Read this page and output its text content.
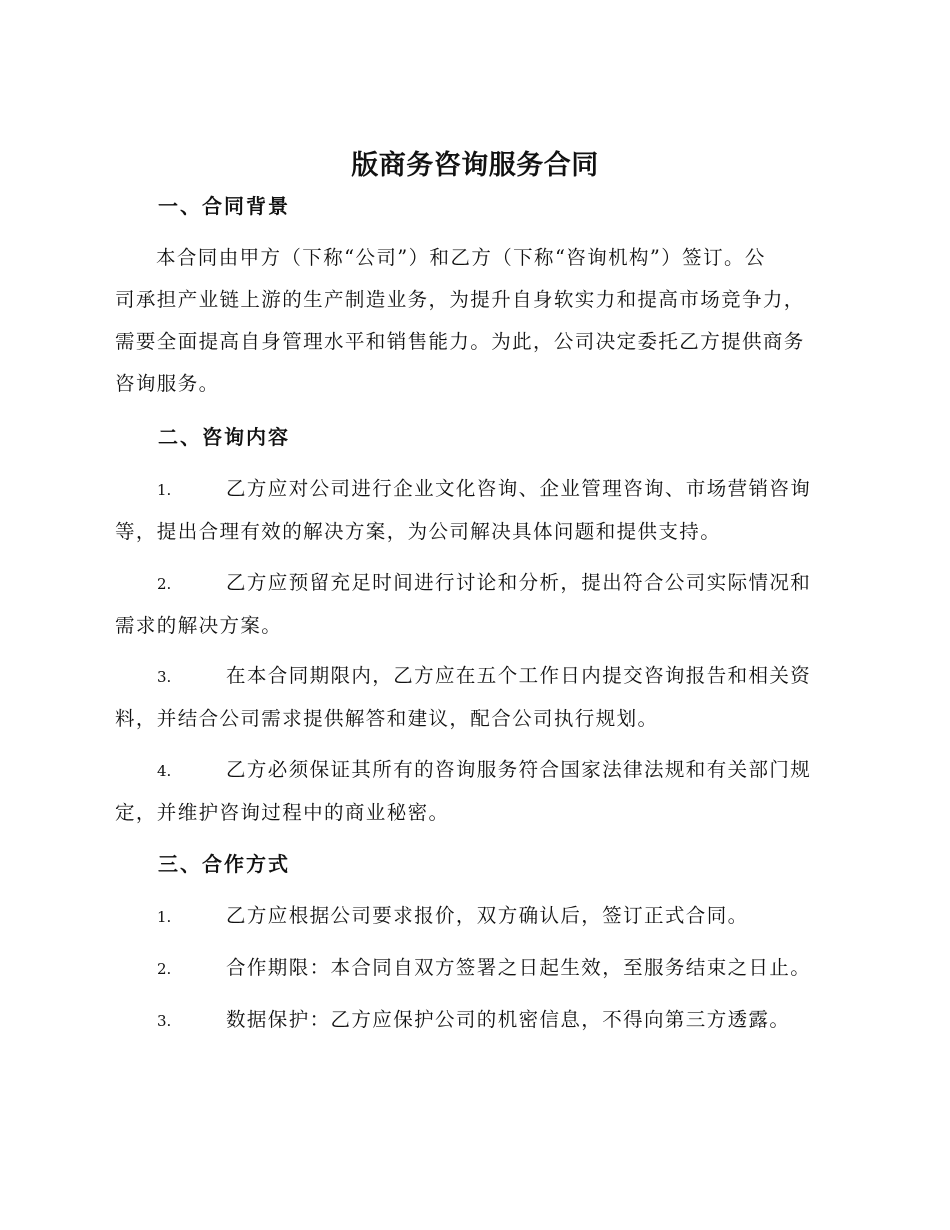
版商务咨询服务合同
一、合同背景
本合同由甲方（下称“公司”）和乙方（下称“咨询机构”）签订。公
司承担产业链上游的生产制造业务，为提升自身软实力和提高市场竞争力，
需要全面提高自身管理水平和销售能力。为此，公司决定委托乙方提供商务
咨询服务。
二、咨询内容
1.	乙方应对公司进行企业文化咨询、企业管理咨询、市场营销咨询
等，提出合理有效的解决方案，为公司解决具体问题和提供支持。
2.	乙方应预留充足时间进行讨论和分析，提出符合公司实际情况和
需求的解决方案。
3.	在本合同期限内，乙方应在五个工作日内提交咨询报告和相关资
料，并结合公司需求提供解答和建议，配合公司执行规划。
4.	乙方必须保证其所有的咨询服务符合国家法律法规和有关部门规
定，并维护咨询过程中的商业秘密。
三、合作方式
1.	乙方应根据公司要求报价，双方确认后，签订正式合同。
2.	合作期限：本合同自双方签署之日起生效，至服务结束之日止。
3.	数据保护：乙方应保护公司的机密信息，不得向第三方透露。
